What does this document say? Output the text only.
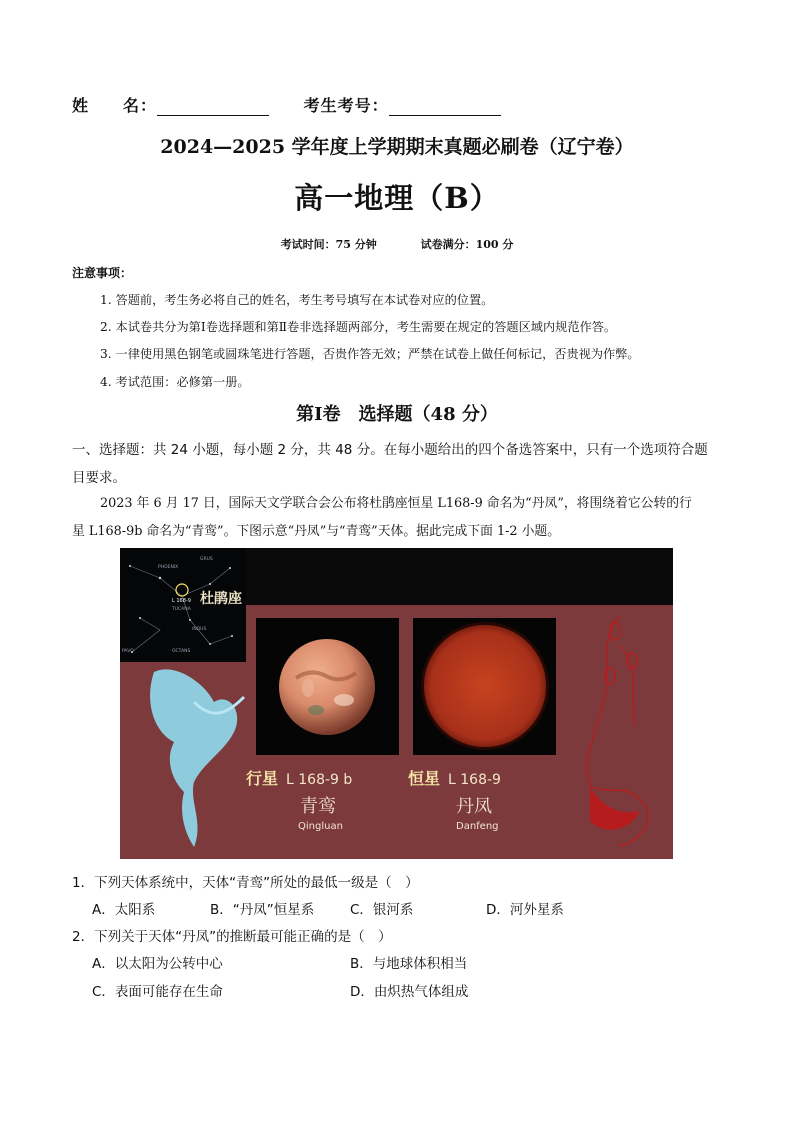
姓　　名：	考生考号：
2024—2025 学年度上学期期末真题必刷卷（辽宁卷）
高一地理（B）
考试时间：75 分钟	试卷满分：100 分
注意事项：
1. 答题前，考生务必将自己的姓名，考生考号填写在本试卷对应的位置。
2. 本试卷共分为第Ⅰ卷选择题和第Ⅱ卷非选择题两部分，考生需要在规定的答题区域内规范作答。
3. 一律使用黑色钢笔或圆珠笔进行答题，否贵作答无效；严禁在试卷上做任何标记，否贵视为作弊。
4. 考试范围：必修第一册。
第Ⅰ卷　选择题（48 分）
一、选择题：共 24 小题，每小题 2 分，共 48 分。在每小题给出的四个备选答案中，只有一个选项符合题
目要求。
2023 年 6 月 17 日，国际天文学联合会公布将杜鹃座恒星 L168-9 命名为“丹凤”，将围绕着它公转的行
星 L168-9b 命名为“青鸾”。下图示意“丹凤”与“青鸾”天体。据此完成下面 1-2 小题。
PHOENIX
GRUS
TUCANA
INDUS
OCTANS
PAVO
L 168-9 杜鹃座
行星 L 168-9 b	恒星 L 168-9
青鸾	丹凤
Qingluan	Danfeng
1．下列天体系统中，天体“青鸾”所处的最低一级是（　）
A．太阳系	B．“丹凤”恒星系	C．银河系	D．河外星系
2．下列关于天体“丹凤”的推断最可能正确的是（　）
A．以太阳为公转中心	B．与地球体积相当
C．表面可能存在生命	D．由炽热气体组成
